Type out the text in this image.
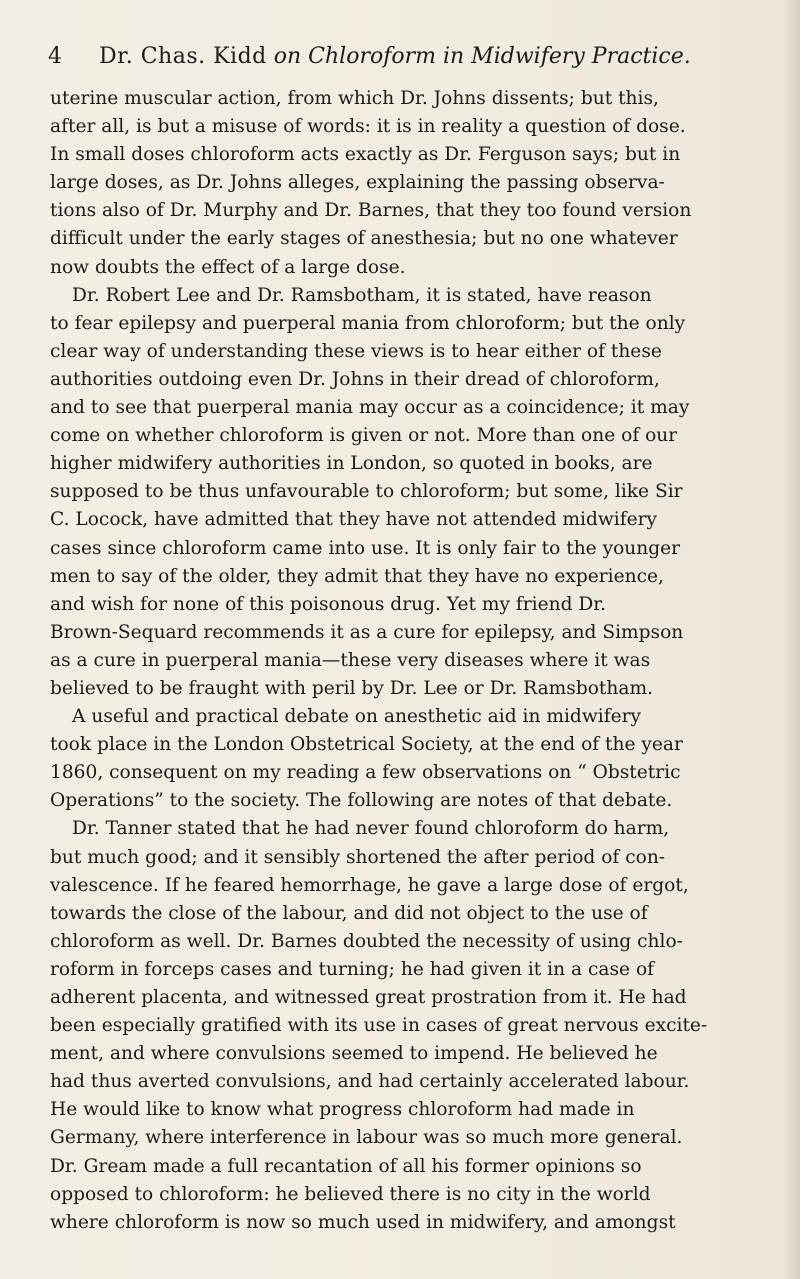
4 Dr. Chas. Kidd on Chloroform in Midwifery Practice.
uterine muscular action, from which Dr. Johns dissents; but this,
after all, is but a misuse of words: it is in reality a question of dose.
In small doses chloroform acts exactly as Dr. Ferguson says; but in
large doses, as Dr. Johns alleges, explaining the passing observa-
tions also of Dr. Murphy and Dr. Barnes, that they too found version
difficult under the early stages of anesthesia; but no one whatever
now doubts the effect of a large dose.
Dr. Robert Lee and Dr. Ramsbotham, it is stated, have reason
to fear epilepsy and puerperal mania from chloroform; but the only
clear way of understanding these views is to hear either of these
authorities outdoing even Dr. Johns in their dread of chloroform,
and to see that puerperal mania may occur as a coincidence; it may
come on whether chloroform is given or not. More than one of our
higher midwifery authorities in London, so quoted in books, are
supposed to be thus unfavourable to chloroform; but some, like Sir
C. Locock, have admitted that they have not attended midwifery
cases since chloroform came into use. It is only fair to the younger
men to say of the older, they admit that they have no experience,
and wish for none of this poisonous drug. Yet my friend Dr.
Brown-Sequard recommends it as a cure for epilepsy, and Simpson
as a cure in puerperal mania—these very diseases where it was
believed to be fraught with peril by Dr. Lee or Dr. Ramsbotham.
A useful and practical debate on anesthetic aid in midwifery
took place in the London Obstetrical Society, at the end of the year
1860, consequent on my reading a few observations on “ Obstetric
Operations” to the society. The following are notes of that debate.
Dr. Tanner stated that he had never found chloroform do harm,
but much good; and it sensibly shortened the after period of con-
valescence. If he feared hemorrhage, he gave a large dose of ergot,
towards the close of the labour, and did not object to the use of
chloroform as well. Dr. Barnes doubted the necessity of using chlo-
roform in forceps cases and turning; he had given it in a case of
adherent placenta, and witnessed great prostration from it. He had
been especially gratified with its use in cases of great nervous excite-
ment, and where convulsions seemed to impend. He believed he
had thus averted convulsions, and had certainly accelerated labour.
He would like to know what progress chloroform had made in
Germany, where interference in labour was so much more general.
Dr. Gream made a full recantation of all his former opinions so
opposed to chloroform: he believed there is no city in the world
where chloroform is now so much used in midwifery, and amongst
